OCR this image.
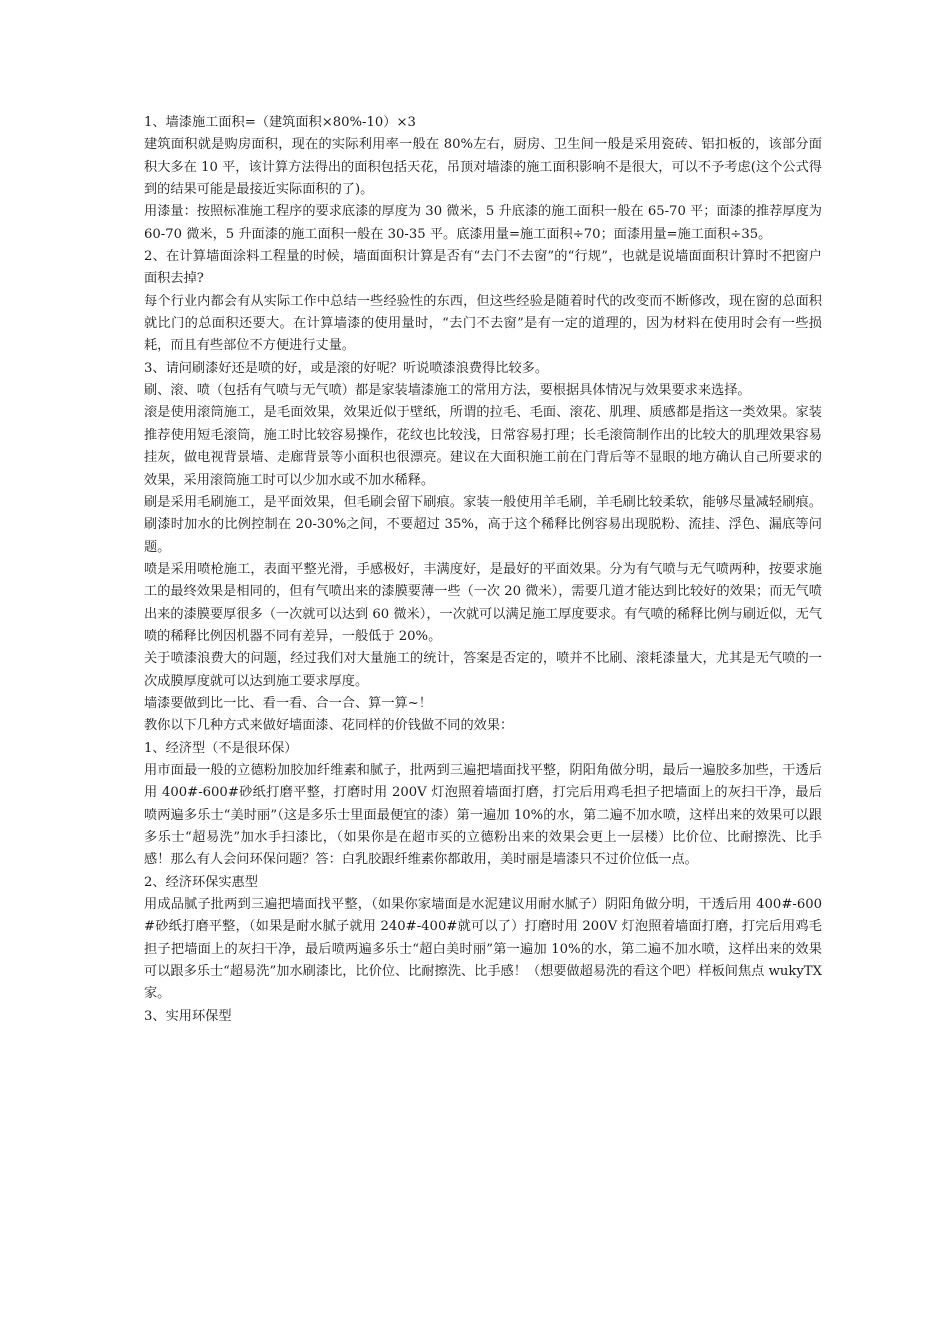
1、墙漆施工面积=（建筑面积×80%-10）×3

建筑面积就是购房面积，现在的实际利用率一般在 80%左右，厨房、卫生间一般是采用瓷砖、铝扣板的，该部分面积大多在 10 平，该计算方法得出的面积包括天花，吊顶对墙漆的施工面积影响不是很大，可以不予考虑(这个公式得到的结果可能是最接近实际面积的了)。

用漆量：按照标准施工程序的要求底漆的厚度为 30 微米，5 升底漆的施工面积一般在 65-70 平；面漆的推荐厚度为 60-70 微米，5 升面漆的施工面积一般在 30-35 平。底漆用量=施工面积÷70；面漆用量=施工面积÷35。

2、在计算墙面涂料工程量的时候，墙面面积计算是否有“去门不去窗”的“行规”，也就是说墙面面积计算时不把窗户面积去掉?

每个行业内都会有从实际工作中总结一些经验性的东西，但这些经验是随着时代的改变而不断修改，现在窗的总面积就比门的总面积还要大。在计算墙漆的使用量时，“去门不去窗”是有一定的道理的，因为材料在使用时会有一些损耗，而且有些部位不方便进行丈量。

3、请问刷漆好还是喷的好，或是滚的好呢？听说喷漆浪费得比较多。

刷、滚、喷（包括有气喷与无气喷）都是家装墙漆施工的常用方法，要根据具体情况与效果要求来选择。

滚是使用滚筒施工，是毛面效果，效果近似于壁纸，所谓的拉毛、毛面、滚花、肌理、质感都是指这一类效果。家装推荐使用短毛滚筒，施工时比较容易操作，花纹也比较浅，日常容易打理；长毛滚筒制作出的比较大的肌理效果容易挂灰，做电视背景墙、走廊背景等小面积也很漂亮。建议在大面积施工前在门背后等不显眼的地方确认自己所要求的效果，采用滚筒施工时可以少加水或不加水稀释。

刷是采用毛刷施工，是平面效果，但毛刷会留下刷痕。家装一般使用羊毛刷，羊毛刷比较柔软，能够尽量减轻刷痕。刷漆时加水的比例控制在 20-30%之间，不要超过 35%，高于这个稀释比例容易出现脱粉、流挂、浮色、漏底等问题。

喷是采用喷枪施工，表面平整光滑，手感极好，丰满度好，是最好的平面效果。分为有气喷与无气喷两种，按要求施工的最终效果是相同的，但有气喷出来的漆膜要薄一些（一次 20 微米），需要几道才能达到比较好的效果；而无气喷出来的漆膜要厚很多（一次就可以达到 60 微米），一次就可以满足施工厚度要求。有气喷的稀释比例与刷近似，无气喷的稀释比例因机器不同有差异，一般低于 20%。

关于喷漆浪费大的问题，经过我们对大量施工的统计，答案是否定的，喷并不比刷、滚耗漆量大，尤其是无气喷的一次成膜厚度就可以达到施工要求厚度。

墙漆要做到比一比、看一看、合一合、算一算~！

教你以下几种方式来做好墙面漆、花同样的价钱做不同的效果：

1、经济型（不是很环保）

用市面最一般的立德粉加胶加纤维素和腻子，批两到三遍把墙面找平整，阴阳角做分明，最后一遍胶多加些，干透后用 400#-600#砂纸打磨平整，打磨时用 200V 灯泡照着墙面打磨，打完后用鸡毛担子把墙面上的灰扫干净，最后喷两遍多乐士“美时丽”（这是多乐士里面最便宜的漆）第一遍加 10%的水，第二遍不加水喷，这样出来的效果可以跟多乐士“超易洗”加水手扫漆比，（如果你是在超市买的立德粉出来的效果会更上一层楼）比价位、比耐擦洗、比手感！那么有人会问环保问题？答：白乳胶跟纤维素你都敢用，美时丽是墙漆只不过价位低一点。

2、经济环保实惠型

用成品腻子批两到三遍把墙面找平整，（如果你家墙面是水泥建议用耐水腻子）阴阳角做分明，干透后用 400#-600#砂纸打磨平整，（如果是耐水腻子就用 240#-400#就可以了）打磨时用 200V 灯泡照着墙面打磨，打完后用鸡毛担子把墙面上的灰扫干净，最后喷两遍多乐士“超白美时丽”第一遍加 10%的水，第二遍不加水喷，这样出来的效果可以跟多乐士“超易洗”加水刷漆比，比价位、比耐擦洗、比手感！（想要做超易洗的看这个吧）样板间焦点 wukyTX 家。

3、实用环保型
